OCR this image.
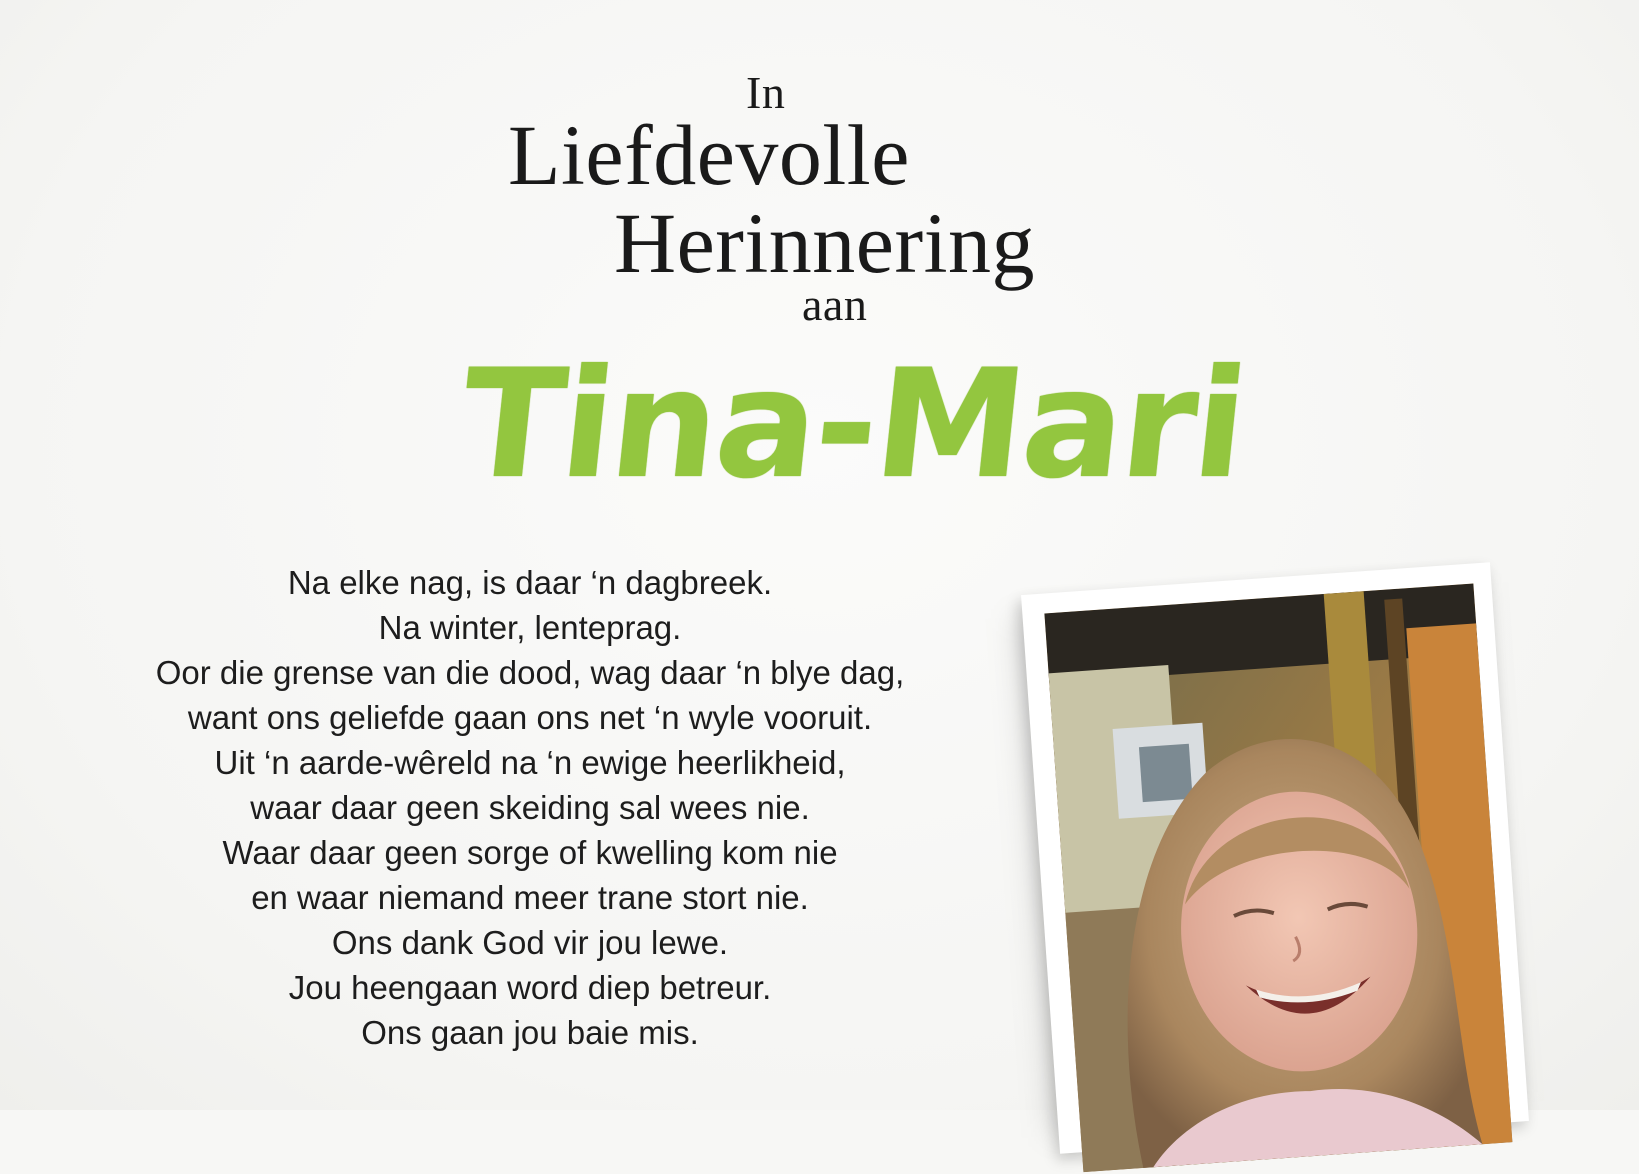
In
Liefdevolle
Herinnering
aan
Tina-Mari
Na elke nag, is daar ‘n dagbreek.
Na winter, lenteprag.
Oor die grense van die dood, wag daar ‘n blye dag,
want ons geliefde gaan ons net ‘n wyle vooruit.
Uit ‘n aarde-wêreld na ‘n ewige heerlikheid,
waar daar geen skeiding sal wees nie.
Waar daar geen sorge of kwelling kom nie
en waar niemand meer trane stort nie.
Ons dank God vir jou lewe.
Jou heengaan word diep betreur.
Ons gaan jou baie mis.
